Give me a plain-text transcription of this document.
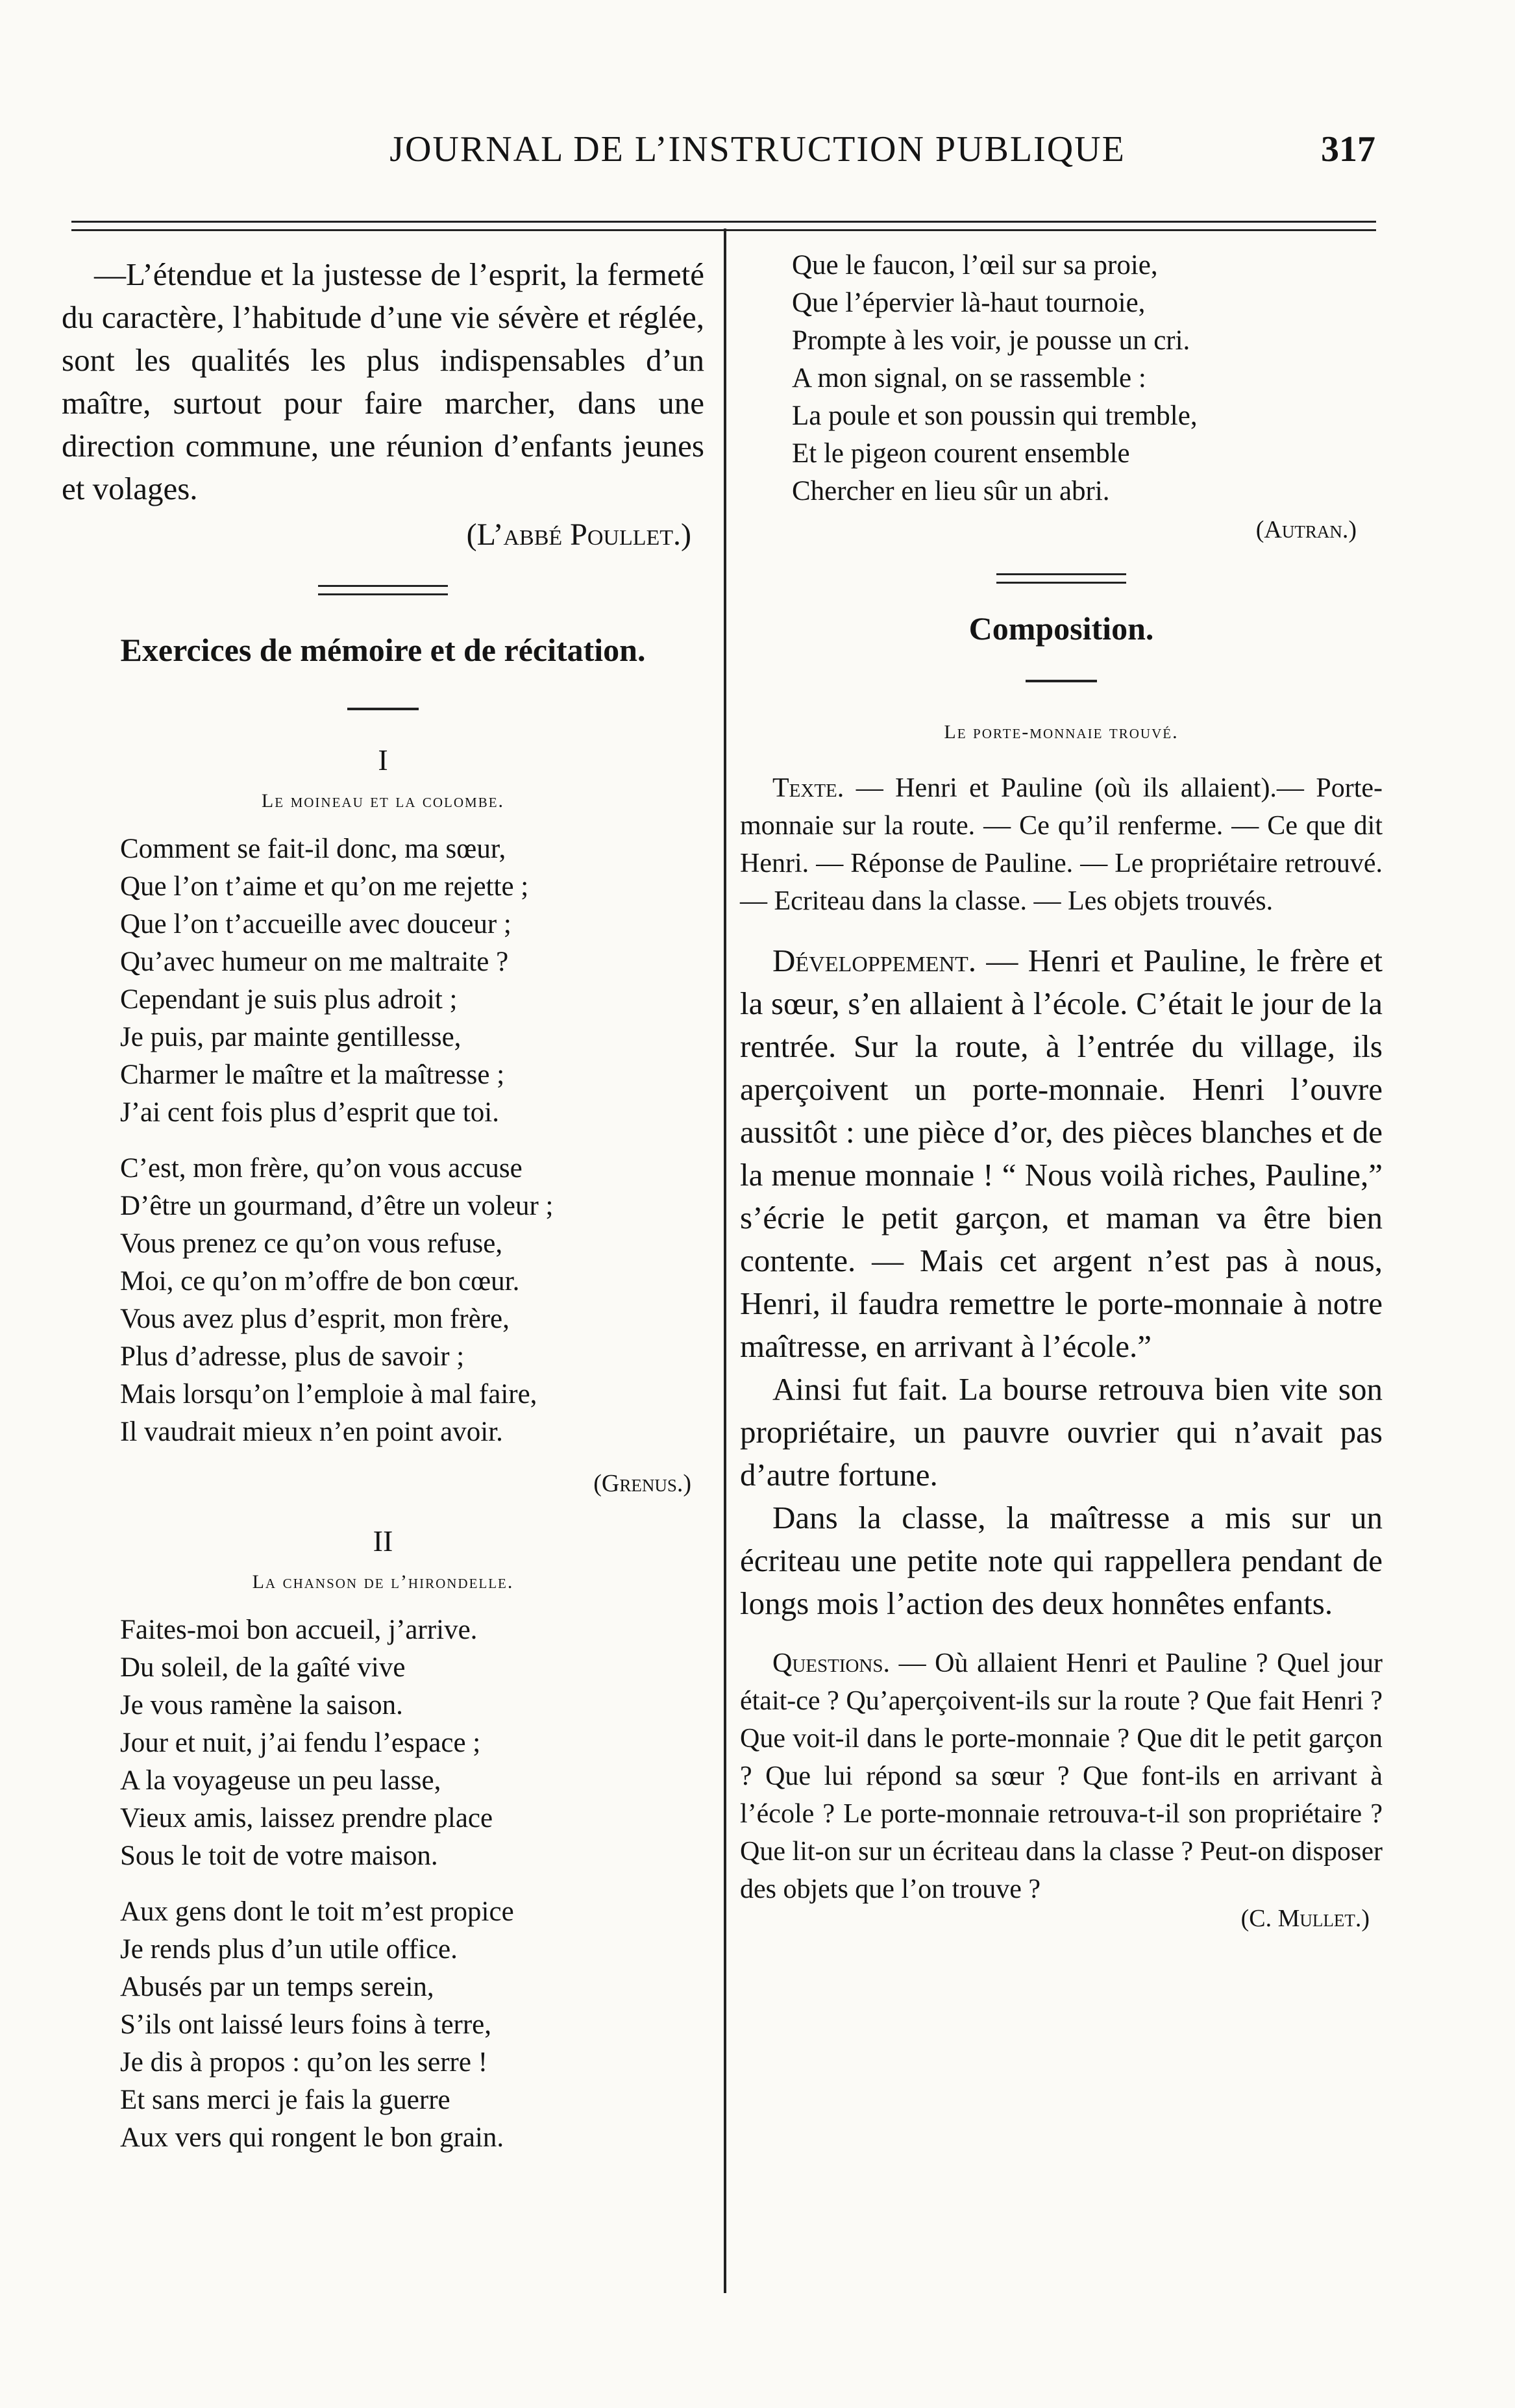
JOURNAL DE L’INSTRUCTION PUBLIQUE	317

—L’étendue et la justesse de l’esprit, la fermeté du caractère, l’habitude d’une vie sévère et réglée, sont les qualités les plus indispensables d’un maître, surtout pour faire marcher, dans une direction commune, une réunion d’enfants jeunes et volages.

(L’abbé Poullet.)

Exercices de mémoire et de récitation.

I

Le moineau et la colombe.

Comment se fait-il donc, ma sœur,
Que l’on t’aime et qu’on me rejette ;
Que l’on t’accueille avec douceur ;
Qu’avec humeur on me maltraite ?
Cependant je suis plus adroit ;
Je puis, par mainte gentillesse,
Charmer le maître et la maîtresse ;
J’ai cent fois plus d’esprit que toi.
C’est, mon frère, qu’on vous accuse
D’être un gourmand, d’être un voleur ;
Vous prenez ce qu’on vous refuse,
Moi, ce qu’on m’offre de bon cœur.
Vous avez plus d’esprit, mon frère,
Plus d’adresse, plus de savoir ;
Mais lorsqu’on l’emploie à mal faire,
Il vaudrait mieux n’en point avoir.

(Grenus.)

II

La chanson de l’hirondelle.

Faites-moi bon accueil, j’arrive.
Du soleil, de la gaîté vive
Je vous ramène la saison.
Jour et nuit, j’ai fendu l’espace ;
A la voyageuse un peu lasse,
Vieux amis, laissez prendre place
Sous le toit de votre maison.
Aux gens dont le toit m’est propice
Je rends plus d’un utile office.
Abusés par un temps serein,
S’ils ont laissé leurs foins à terre,
Je dis à propos : qu’on les serre !
Et sans merci je fais la guerre
Aux vers qui rongent le bon grain.
Que le faucon, l’œil sur sa proie,
Que l’épervier là-haut tournoie,
Prompte à les voir, je pousse un cri.
A mon signal, on se rassemble :
La poule et son poussin qui tremble,
Et le pigeon courent ensemble
Chercher en lieu sûr un abri.

(Autran.)

Composition.

Le porte-monnaie trouvé.

Texte. — Henri et Pauline (où ils allaient).— Porte-monnaie sur la route. — Ce qu’il renferme. — Ce que dit Henri. — Réponse de Pauline. — Le propriétaire retrouvé. — Ecriteau dans la classe. — Les objets trouvés.

Développement. — Henri et Pauline, le frère et la sœur, s’en allaient à l’école. C’était le jour de la rentrée. Sur la route, à l’entrée du village, ils aperçoivent un porte-monnaie. Henri l’ouvre aussitôt : une pièce d’or, des pièces blanches et de la menue monnaie ! “ Nous voilà riches, Pauline,” s’écrie le petit garçon, et maman va être bien contente. — Mais cet argent n’est pas à nous, Henri, il faudra remettre le porte-monnaie à notre maîtresse, en arrivant à l’école.”

Ainsi fut fait. La bourse retrouva bien vite son propriétaire, un pauvre ouvrier qui n’avait pas d’autre fortune.

Dans la classe, la maîtresse a mis sur un écriteau une petite note qui rappellera pendant de longs mois l’action des deux honnêtes enfants.

Questions. — Où allaient Henri et Pauline ? Quel jour était-ce ? Qu’aperçoivent-ils sur la route ? Que fait Henri ? Que voit-il dans le porte-monnaie ? Que dit le petit garçon ? Que lui répond sa sœur ? Que font-ils en arrivant à l’école ? Le porte-monnaie retrouva-t-il son propriétaire ? Que lit-on sur un écriteau dans la classe ? Peut-on disposer des objets que l’on trouve ?

(C. Mullet.)
